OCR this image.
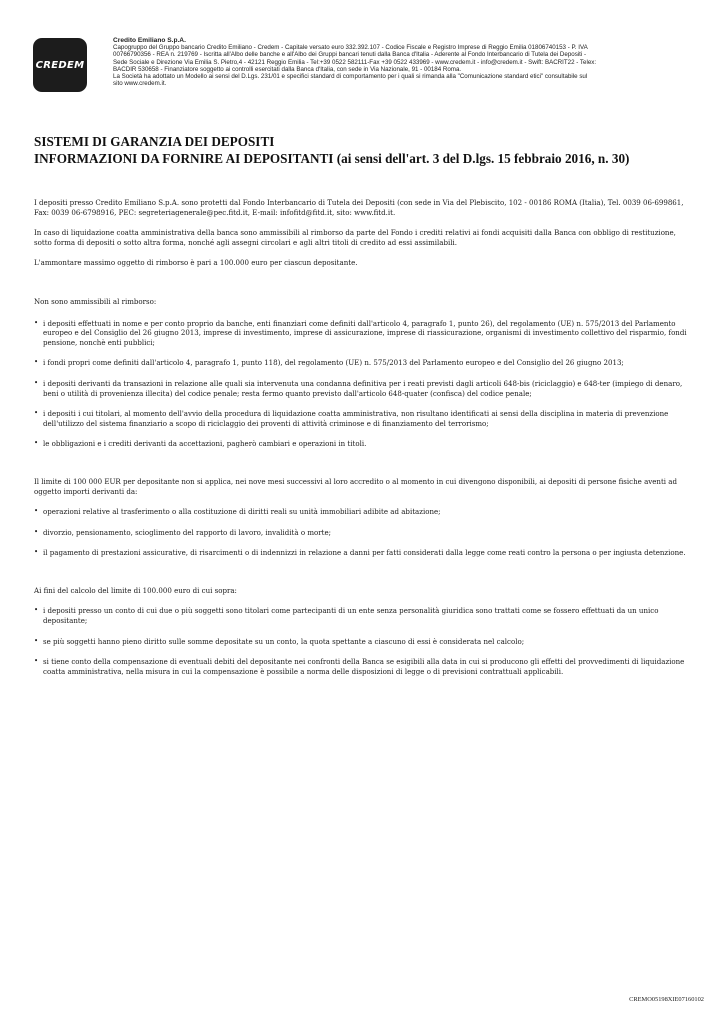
CREDEM
Credito Emiliano S.p.A.
Capogruppo del Gruppo bancario Credito Emiliano - Credem - Capitale versato euro 332.392.107 - Codice Fiscale e Registro Imprese di Reggio Emilia 01806740153 - P. IVA
00766790356 - REA n. 219769 - Iscritta all'Albo delle banche e all'Albo dei Gruppi bancari tenuti dalla Banca d'Italia - Aderente al Fondo Interbancario di Tutela dei Depositi -
Sede Sociale e Direzione Via Emilia S. Pietro,4 - 42121 Reggio Emilia - Tel:+39 0522 582111-Fax +39 0522 433969 - www.credem.it - info@credem.it - Swift: BACRIT22 - Telex:
BACDIR 530658 - Finanziatore soggetto ai controlli esercitati dalla Banca d'Italia, con sede in Via Nazionale, 91 - 00184 Roma.
La Società ha adottato un Modello ai sensi del D.Lgs. 231/01 e specifici standard di comportamento per i quali si rimanda alla "Comunicazione standard etici" consultabile sul
sito www.credem.it.
SISTEMI DI GARANZIA DEI DEPOSITI
INFORMAZIONI DA FORNIRE AI DEPOSITANTI (ai sensi dell'art. 3 del D.lgs. 15 febbraio 2016, n. 30)

I depositi presso Credito Emiliano S.p.A. sono protetti dal Fondo Interbancario di Tutela dei Depositi (con sede in Via del Plebiscito, 102 - 00186 ROMA (Italia), Tel. 0039 06-699861, Fax: 0039 06-6798916, PEC: segreteriagenerale@pec.fitd.it, E-mail: infofitd@fitd.it, sito: www.fitd.it.

In caso di liquidazione coatta amministrativa della banca sono ammissibili al rimborso da parte del Fondo i crediti relativi ai fondi acquisiti dalla Banca con obbligo di restituzione, sotto forma di depositi o sotto altra forma, nonché agli assegni circolari e agli altri titoli di credito ad essi assimilabili.

L'ammontare massimo oggetto di rimborso è pari a 100.000 euro per ciascun depositante.

Non sono ammissibili al rimborso:

• i depositi effettuati in nome e per conto proprio da banche, enti finanziari come definiti dall'articolo 4, paragrafo 1, punto 26), del regolamento (UE) n. 575/2013 del Parlamento europeo e del Consiglio del 26 giugno 2013, imprese di investimento, imprese di assicurazione, imprese di riassicurazione, organismi di investimento collettivo del risparmio, fondi pensione, nonchè enti pubblici;
• i fondi propri come definiti dall'articolo 4, paragrafo 1, punto 118), del regolamento (UE) n. 575/2013 del Parlamento europeo e del Consiglio del 26 giugno 2013;
• i depositi derivanti da transazioni in relazione alle quali sia intervenuta una condanna definitiva per i reati previsti dagli articoli 648-bis (riciclaggio) e 648-ter (impiego di denaro, beni o utilità di provenienza illecita) del codice penale; resta fermo quanto previsto dall'articolo 648-quater (confisca) del codice penale;
• i depositi i cui titolari, al momento dell'avvio della procedura di liquidazione coatta amministrativa, non risultano identificati ai sensi della disciplina in materia di prevenzione dell'utilizzo del sistema finanziario a scopo di riciclaggio dei proventi di attività criminose e di finanziamento del terrorismo;
• le obbligazioni e i crediti derivanti da accettazioni, pagherò cambiari e operazioni in titoli.

Il limite di 100 000 EUR per depositante non si applica, nei nove mesi successivi al loro accredito o al momento in cui divengono disponibili, ai depositi di persone fisiche aventi ad oggetto importi derivanti da:

• operazioni relative al trasferimento o alla costituzione di diritti reali su unità immobiliari adibite ad abitazione;
• divorzio, pensionamento, scioglimento del rapporto di lavoro, invalidità o morte;
• il pagamento di prestazioni assicurative, di risarcimenti o di indennizzi in relazione a danni per fatti considerati dalla legge come reati contro la persona o per ingiusta detenzione.

Ai fini del calcolo del limite di 100.000 euro di cui sopra:

• i depositi presso un conto di cui due o più soggetti sono titolari come partecipanti di un ente senza personalità giuridica sono trattati come se fossero effettuati da un unico depositante;
• se più soggetti hanno pieno diritto sulle somme depositate su un conto, la quota spettante a ciascuno di essi è considerata nel calcolo;
• si tiene conto della compensazione di eventuali debiti del depositante nei confronti della Banca se esigibili alla data in cui si producono gli effetti del provvedimenti di liquidazione coatta amministrativa, nella misura in cui la compensazione è possibile a norma delle disposizioni di legge o di previsioni contrattuali applicabili.
CREMO05198XIE07160102
